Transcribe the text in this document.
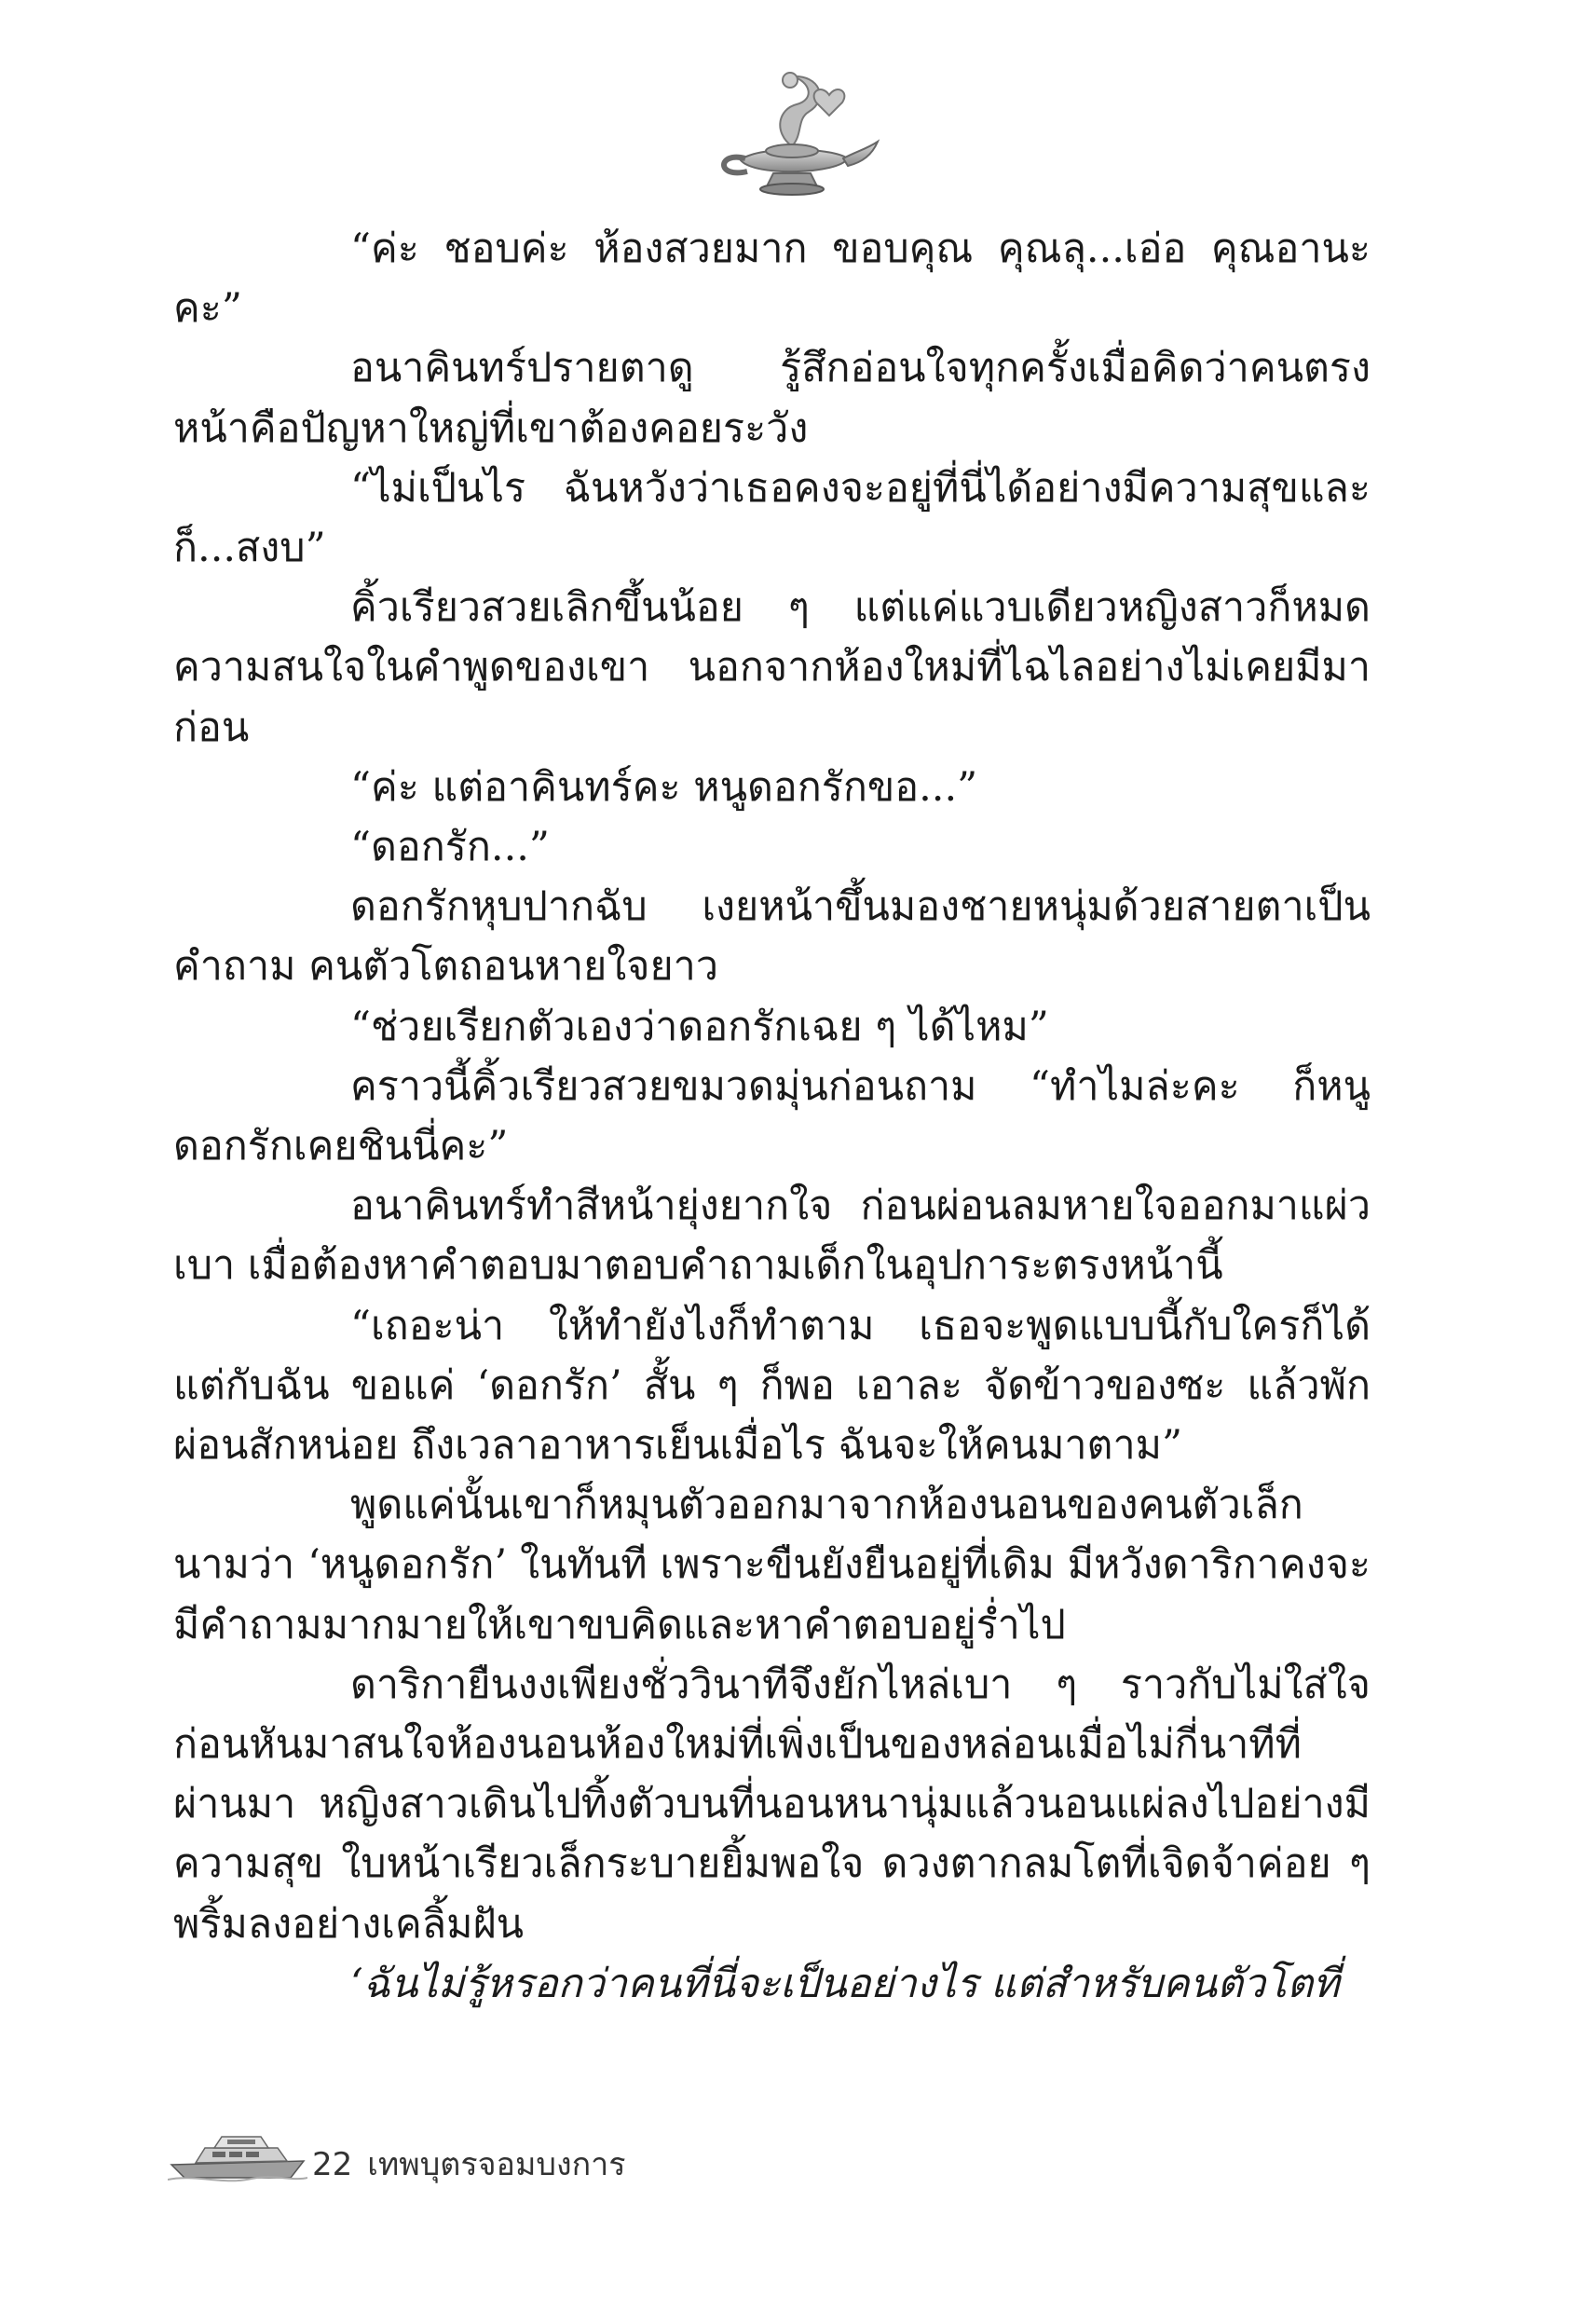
“ค่ะ ชอบค่ะ ห้องสวยมาก ขอบคุณ คุณลุ...เอ่อ คุณอานะคะ”

อนาคินทร์ปรายตาดู รู้สึกอ่อนใจทุกครั้งเมื่อคิดว่าคนตรงหน้าคือปัญหาใหญ่ที่เขาต้องคอยระวัง

“ไม่เป็นไร ฉันหวังว่าเธอคงจะอยู่ที่นี่ได้อย่างมีความสุขและก็...สงบ”

คิ้วเรียวสวยเลิกขึ้นน้อย ๆ แต่แค่แวบเดียวหญิงสาวก็หมดความสนใจในคำพูดของเขา นอกจากห้องใหม่ที่ไฉไลอย่างไม่เคยมีมาก่อน

“ค่ะ แต่อาคินทร์คะ หนูดอกรักขอ...”

“ดอกรัก...”

ดอกรักหุบปากฉับ เงยหน้าขึ้นมองชายหนุ่มด้วยสายตาเป็นคำถาม คนตัวโตถอนหายใจยาว

“ช่วยเรียกตัวเองว่าดอกรักเฉย ๆ ได้ไหม”

คราวนี้คิ้วเรียวสวยขมวดมุ่นก่อนถาม “ทำไมล่ะคะ ก็หนูดอกรักเคยชินนี่คะ”

อนาคินทร์ทำสีหน้ายุ่งยากใจ ก่อนผ่อนลมหายใจออกมาแผ่วเบา เมื่อต้องหาคำตอบมาตอบคำถามเด็กในอุปการะตรงหน้านี้

“เถอะน่า ให้ทำยังไงก็ทำตาม เธอจะพูดแบบนี้กับใครก็ได้ แต่กับฉัน ขอแค่ ‘ดอกรัก’ สั้น ๆ ก็พอ เอาละ จัดข้าวของซะ แล้วพักผ่อนสักหน่อย ถึงเวลาอาหารเย็นเมื่อไร ฉันจะให้คนมาตาม”

พูดแค่นั้นเขาก็หมุนตัวออกมาจากห้องนอนของคนตัวเล็กนามว่า ‘หนูดอกรัก’ ในทันที เพราะขืนยังยืนอยู่ที่เดิม มีหวังดาริกาคงจะมีคำถามมากมายให้เขาขบคิดและหาคำตอบอยู่ร่ำไป

ดาริกายืนงงเพียงชั่ววินาทีจึงยักไหล่เบา ๆ ราวกับไม่ใส่ใจ ก่อนหันมาสนใจห้องนอนห้องใหม่ที่เพิ่งเป็นของหล่อนเมื่อไม่กี่นาทีที่ผ่านมา หญิงสาวเดินไปทิ้งตัวบนที่นอนหนานุ่มแล้วนอนแผ่ลงไปอย่างมีความสุข ใบหน้าเรียวเล็กระบายยิ้มพอใจ ดวงตากลมโตที่เจิดจ้าค่อย ๆ พริ้มลงอย่างเคลิ้มฝัน

‘ฉันไม่รู้หรอกว่าคนที่นี่จะเป็นอย่างไร แต่สำหรับคนตัวโตที่

22 เทพบุตรจอมบงการ
